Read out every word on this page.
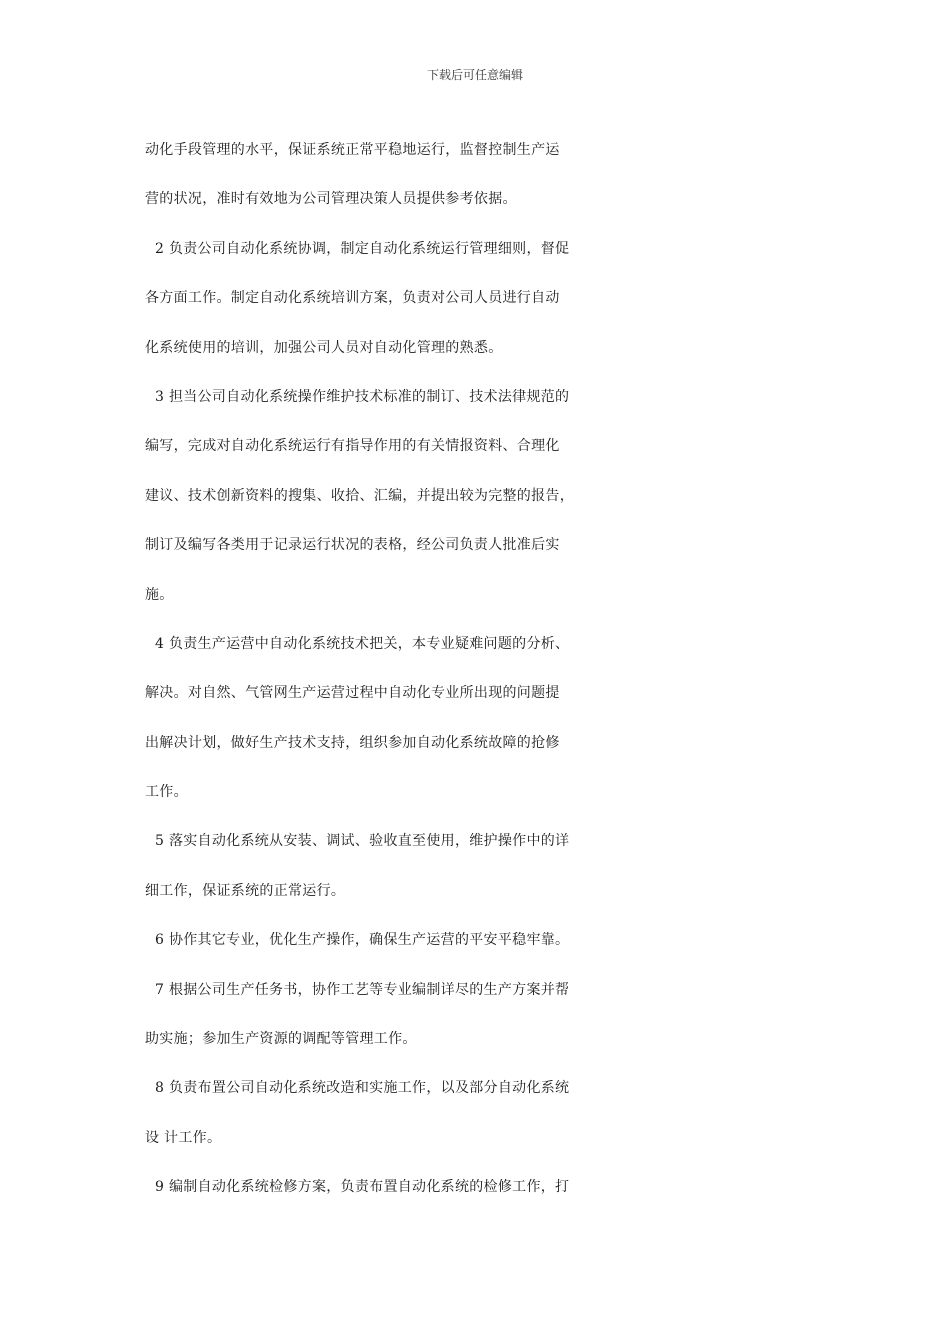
下载后可任意编辑
动化手段管理的水平，保证系统正常平稳地运行，监督控制生产运
营的状况，准时有效地为公司管理决策人员提供参考依据。
2 负责公司自动化系统协调，制定自动化系统运行管理细则，督促
各方面工作。制定自动化系统培训方案，负责对公司人员进行自动
化系统使用的培训，加强公司人员对自动化管理的熟悉。
3 担当公司自动化系统操作维护技术标准的制订、技术法律规范的
编写，完成对自动化系统运行有指导作用的有关情报资料、合理化
建议、技术创新资料的搜集、收拾、汇编，并提出较为完整的报告，
制订及编写各类用于记录运行状况的表格，经公司负责人批准后实
施。
4 负责生产运营中自动化系统技术把关，本专业疑难问题的分析、
解决。对自然、气管网生产运营过程中自动化专业所出现的问题提
出解决计划，做好生产技术支持，组织参加自动化系统故障的抢修
工作。
5 落实自动化系统从安装、调试、验收直至使用，维护操作中的详
细工作，保证系统的正常运行。
6 协作其它专业，优化生产操作，确保生产运营的平安平稳牢靠。
7 根据公司生产任务书，协作工艺等专业编制详尽的生产方案并帮
助实施；参加生产资源的调配等管理工作。
8 负责布置公司自动化系统改造和实施工作，以及部分自动化系统
设 计工作。
9 编制自动化系统检修方案，负责布置自动化系统的检修工作，打
